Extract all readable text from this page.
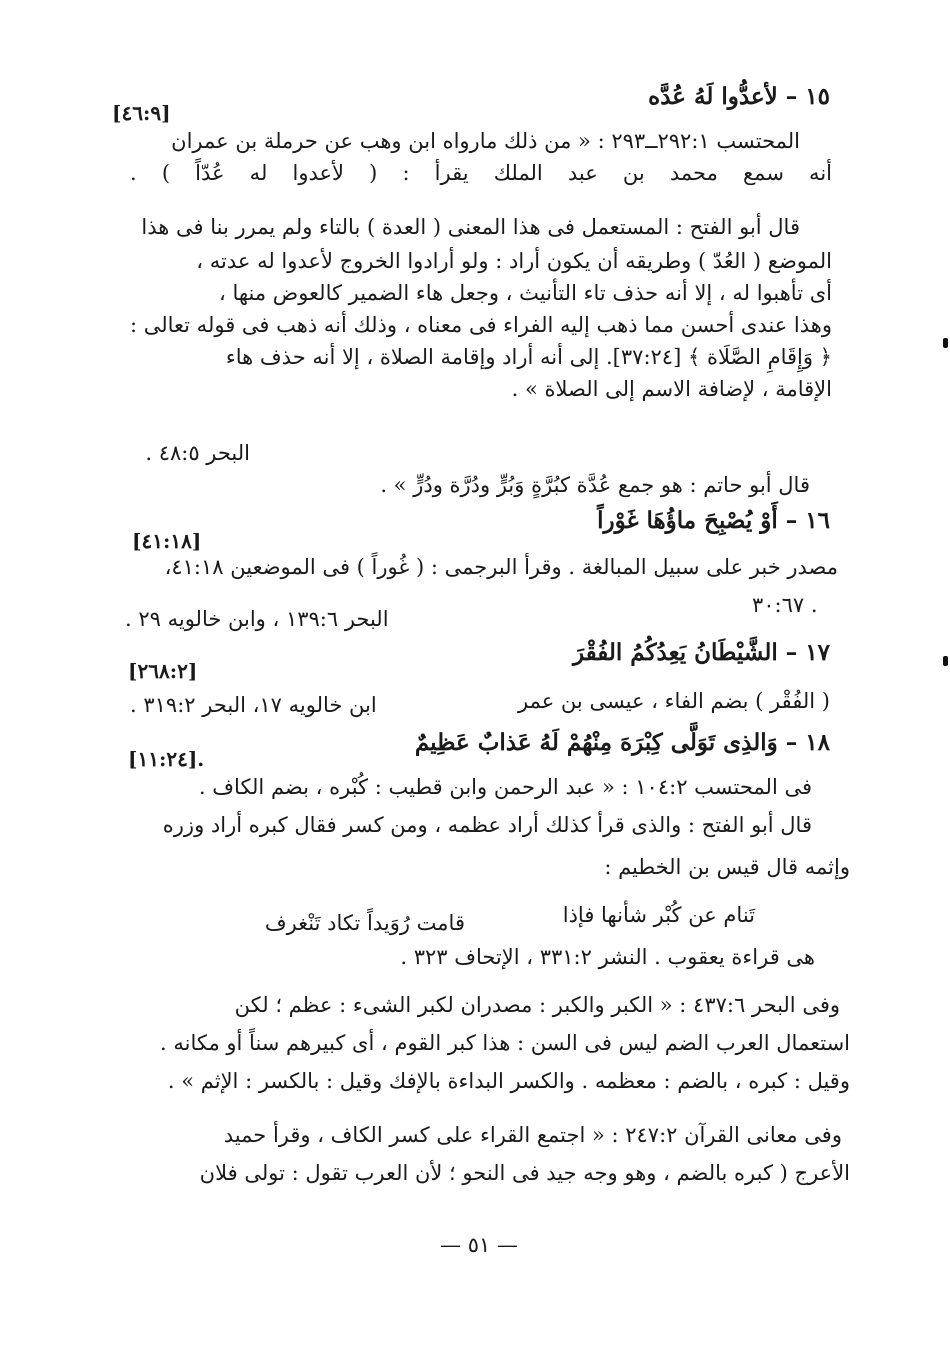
١٥ – لأعدُّوا لَهُ عُدَّه
[٤٦:٩]
المحتسب ٢٩٢:١ــ٢٩٣ : « من ذلك مارواه ابن وهب عن حرملة بن عمران
أنه سمع محمد بن عبد الملك يقرأ : ( لأعدوا له عُدّاً ) .
قال أبو الفتح : المستعمل فى هذا المعنى ( العدة ) بالتاء ولم يمرر بنا فى هذا
الموضع ( العُدّ ) وطريقه أن يكون أراد : ولو أرادوا الخروج لأعدوا له عدته ،
أى تأهبوا له ، إلا أنه حذف تاء التأنيث ، وجعل هاء الضمير كالعوض منها ،
وهذا عندى أحسن مما ذهب إليه الفراء فى معناه ، وذلك أنه ذهب فى قوله تعالى :
﴿ وَإِقَامِ الصَّلَاة ﴾ [٣٧:٢٤]. إلى أنه أراد وإقامة الصلاة ، إلا أنه حذف هاء
الإقامة ، لإضافة الاسم إلى الصلاة » .
البحر ٤٨:٥ .
قال أبو حاتم : هو جمع عُدَّة كبُرَّةٍ وَبُرٍّ ودُرَّة ودُرٍّ » .
١٦ – أَوْ يُصْبِحَ ماؤُهَا غَوْراً
[٤١:١٨]
مصدر خبر على سبيل المبالغة . وقرأ البرجمى : ( غُوراً ) فى الموضعين ٤١:١٨،
٣٠:٦٧ .
البحر ١٣٩:٦ ، وابن خالويه ٢٩ .
١٧ – الشَّيْطَانُ يَعِدُكُمُ الفُقْرَ
[٢٦٨:٢]
( الفُقْر ) بضم الفاء ، عيسى بن عمر
ابن خالويه ١٧، البحر ٣١٩:٢ .
١٨ – وَالذِى تَوَلَّى كِبْرَهَ مِنْهُمْ لَهُ عَذابٌ عَظِيمٌ
[١١:٢٤].
فى المحتسب ١٠٤:٢ : « عبد الرحمن وابن قطيب : كُبْره ، بضم الكاف .
قال أبو الفتح : والذى قرأ كذلك أراد عظمه ، ومن كسر فقال كبره أراد وزره
وإثمه قال قيس بن الخطيم :
تَنام عن كُبْر شأنها فإذا
قامت رُوَيداً تكاد تَنْغرف
هى قراءة يعقوب . النشر ٣٣١:٢ ، الإتحاف ٣٢٣ .
وفى البحر ٤٣٧:٦ : « الكبر والكبر : مصدران لكبر الشىء : عظم ؛ لكن
استعمال العرب الضم ليس فى السن : هذا كبر القوم ، أى كبيرهم سناً أو مكانه .
وقيل : كبره ، بالضم : معظمه . والكسر البداءة بالإفك وقيل : بالكسر : الإثم » .
وفى معانى القرآن ٢٤٧:٢ : « اجتمع القراء على كسر الكاف ، وقرأ حميد
الأعرج ( كبره بالضم ، وهو وجه جيد فى النحو ؛ لأن العرب تقول : تولى فلان
— ٥١ —
